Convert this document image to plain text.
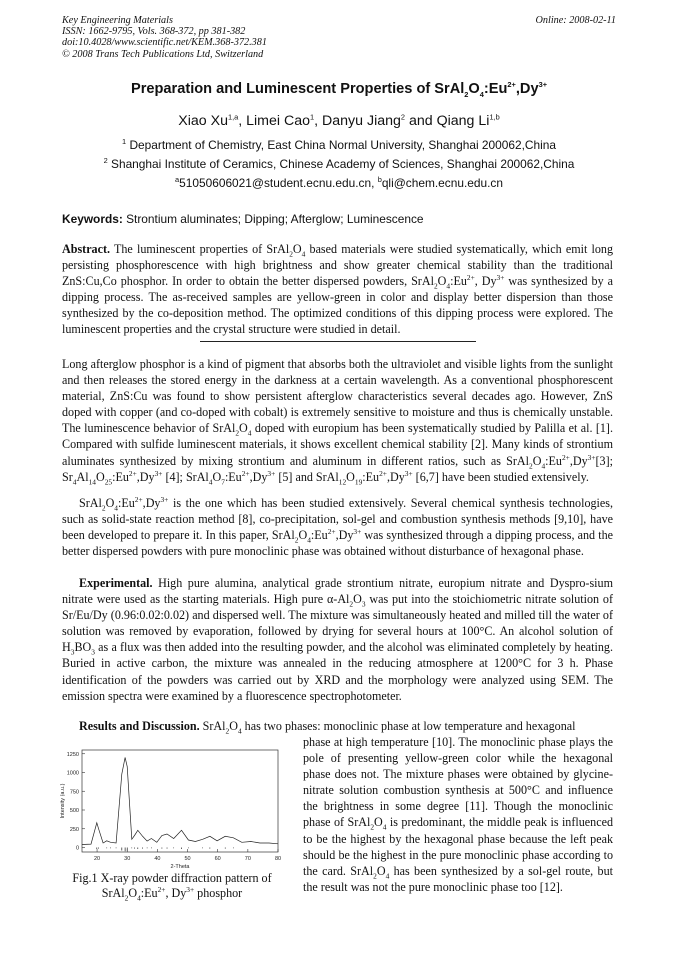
Key Engineering Materials
ISSN: 1662-9795, Vols. 368-372, pp 381-382
doi:10.4028/www.scientific.net/KEM.368-372.381
© 2008 Trans Tech Publications Ltd, Switzerland
Online: 2008-02-11
Preparation and Luminescent Properties of $SrAl_2O_4:Eu^{2+},Dy^{3+}$
Xiao Xu$^{1,a}$, Limei Cao$^1$, Danyu Jiang$^2$ and Qiang Li$^{1,b}$
$^1$ Department of Chemistry, East China Normal University, Shanghai 200062,China
$^2$ Shanghai Institute of Ceramics, Chinese Academy of Sciences, Shanghai 200062,China
$^a$51050606021@student.ecnu.edu.cn, $^b$qli@chem.ecnu.edu.cn
Keywords: Strontium aluminates; Dipping; Afterglow; Luminescence
Abstract. The luminescent properties of $SrAl_2O_4$ based materials were studied systematically, which emit long persisting phosphorescence with high brightness and show greater chemical stability than the traditional ZnS:Cu,Co phosphor. In order to obtain the better dispersed powders, $SrAl_2O_4:Eu^{2+}$, $Dy^{3+}$ was synthesized by a dipping process. The as-received samples are yellow-green in color and display better dispersion than those synthesized by the co-deposition method. The optimized conditions of this dipping process were explored. The luminescent properties and the crystal structure were studied in detail.
Long afterglow phosphor is a kind of pigment that absorbs both the ultraviolet and visible lights from the sunlight and then releases the stored energy in the darkness at a certain wavelength. As a conventional phosphorescent material, ZnS:Cu was found to show persistent afterglow characteristics several decades ago. However, ZnS doped with copper (and co-doped with cobalt) is extremely sensitive to moisture and thus is chemically unstable. The luminescence behavior of $SrAl_2O_4$ doped with europium has been systematically studied by Palilla et al. [1]. Compared with sulfide luminescent materials, it shows excellent chemical stability [2]. Many kinds of strontium aluminates synthesized by mixing strontium and aluminum in different ratios, such as $SrAl_2O_4:Eu^{2+},Dy^{3+}[3]$; $Sr_4Al_{14}O_{25}:Eu^{2+},Dy^{3+}$ [4]; $SrAl_4O_7:Eu^{2+},Dy^{3+}$ [5] and $SrAl_{12}O_{19}:Eu^{2+},Dy^{3+}$ [6,7] have been studied extensively.
$SrAl_2O_4:Eu^{2+},Dy^{3+}$ is the one which has been studied extensively. Several chemical synthesis technologies, such as solid-state reaction method [8], co-precipitation, sol-gel and combustion synthesis methods [9,10], have been developed to prepare it. In this paper, $SrAl_2O_4:Eu^{2+},Dy^{3+}$ was synthesized through a dipping process, and the better dispersed powders with pure monoclinic phase was obtained without disturbance of hexagonal phase.
Experimental. High pure alumina, analytical grade strontium nitrate, europium nitrate and Dyspro-sium nitrate were used as the starting materials. High pure $\alpha-Al_2O_3$ was put into the stoichiometric nitrate solution of Sr/Eu/Dy (0.96:0.02:0.02) and dispersed well. The mixture was simultaneously heated and milled till the water of solution was removed by evaporation, followed by drying for several hours at 100°C. An alcohol solution of $H_3BO_3$ as a flux was then added into the resulting powder, and the alcohol was eliminated completely by heating. Buried in active carbon, the mixture was annealed in the reducing atmosphere at 1200°C for 3 h. Phase identification of the powders was carried out by XRD and the morphology were analyzed using SEM. The emission spectra were examined by a fluorescence spectrophotometer.
Results and Discussion. $SrAl_2O_4$ has two phases: monoclinic phase at low temperature and hexagonal
phase at high temperature [10]. The monoclinic phase plays the pole of presenting yellow-green color while the hexagonal phase does not. The mixture phases were obtained by glycine-nitrate solution combustion synthesis at 500°C and influence the brightness in some degree [11]. Though the monoclinic phase of $SrAl_2O_4$ is predominant, the middle peak is influenced to be the highest by the hexagonal phase because the left peak should be the highest in the pure monoclinic phase according to the card. $SrAl_2O_4$ has been synthesized by a sol-gel route, but the result was not the pure monoclinic phase too [12].
0
250
500
750
1000
1250
20	30	40	50	60	70	80
2-Theta
Intensity (a.u.)
Fig.1 X-ray powder diffraction pattern of $SrAl_2O_4:Eu^{2+}$, $Dy^{3+}$ phosphor
